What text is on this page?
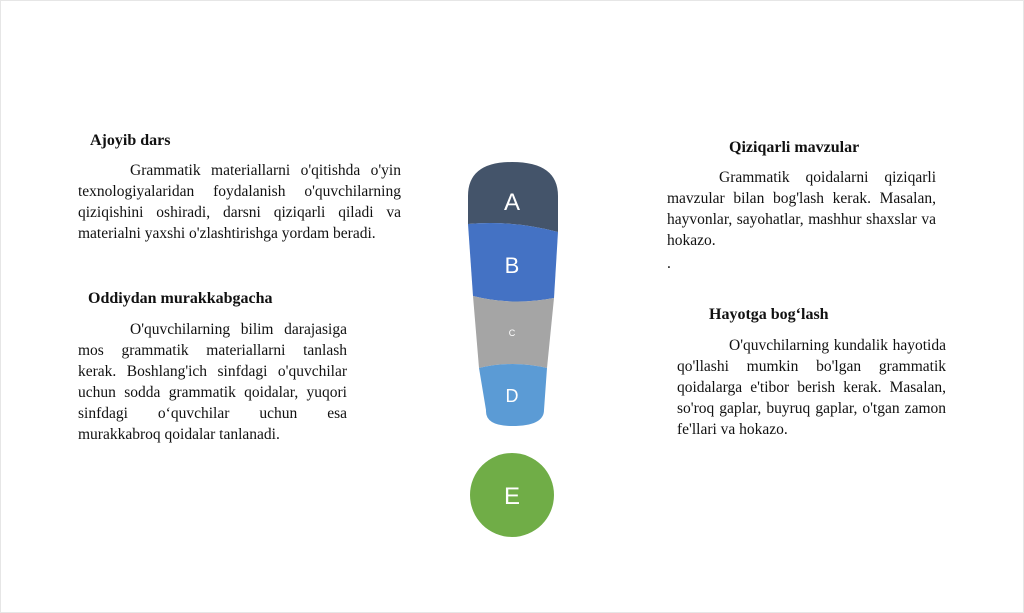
Ajoyib dars

Grammatik materiallarni o'qitishda o'yin texnologiyalaridan foydalanish o'quvchilarning qiziqishini oshiradi, darsni qiziqarli qiladi va materialni yaxshi o'zlashtirishga yordam beradi.

Oddiydan murakkabgacha

O'quvchilarning bilim darajasiga mos grammatik materiallarni tanlash kerak. Boshlang'ich sinfdagi o'quvchilar uchun sodda grammatik qoidalar, yuqori sinfdagi o‘quvchilar uchun esa murakkabroq qoidalar tanlanadi.

Qiziqarli mavzular

Grammatik qoidalarni qiziqarli mavzular bilan bog'lash kerak. Masalan, hayvonlar, sayohatlar, mashhur shaxslar va hokazo.

.
Hayotga bog‘lash

O'quvchilarning kundalik hayotida qo'llashi mumkin bo'lgan grammatik qoidalarga e'tibor berish kerak. Masalan, so'roq gaplar, buyruq gaplar, o'tgan zamon fe'llari va hokazo.

A
B
C
D
E
